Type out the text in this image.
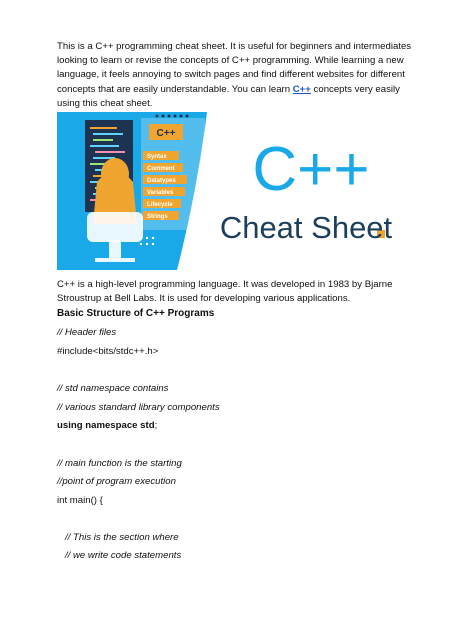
This is a C++ programming cheat sheet. It is useful for beginners and intermediates looking to learn or revise the concepts of C++ programming. While learning a new language, it feels annoying to switch pages and find different websites for different concepts that are easily understandable. You can learn C++ concepts very easily using this cheat sheet.

C++
Syntax
Comment
Datatypes
Variables
Lifecycle
Strings
C++
Cheat Sheet

C++ is a high-level programming language. It was developed in 1983 by Bjarne Stroustrup at Bell Labs. It is used for developing various applications.

Basic Structure of C++ Programs
// Header files
#include<bits/stdc++.h>
// std namespace contains
// various standard library components
using namespace std;
// main function is the starting
//point of program execution
int main() {
// This is the section where
// we write code statements
